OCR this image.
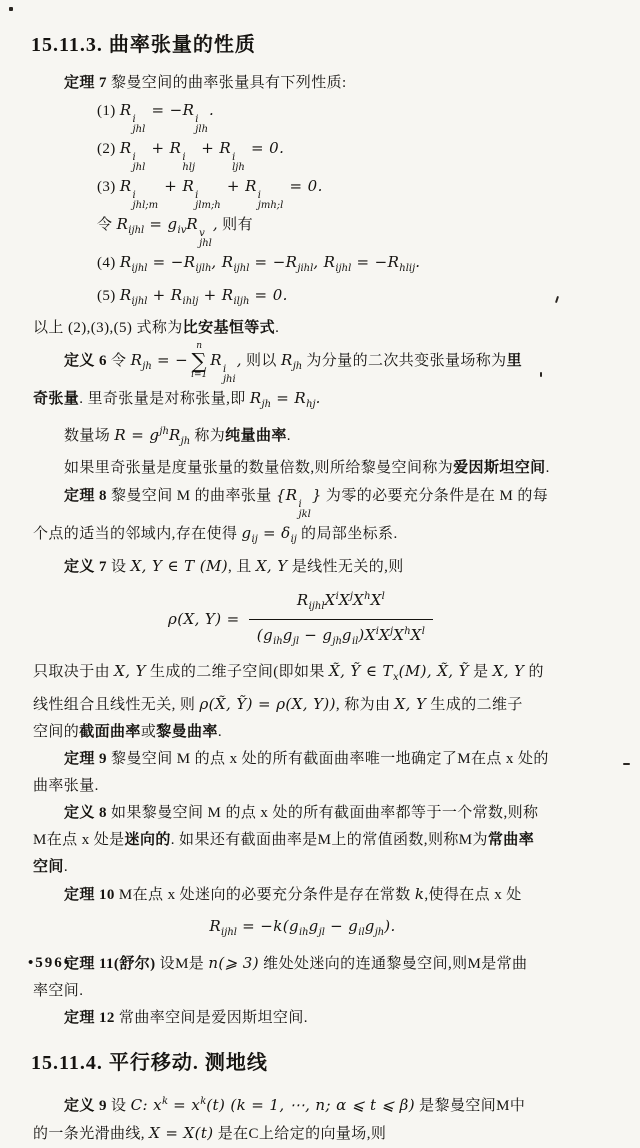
15.11.3. 曲率张量的性质
定理 7 黎曼空间的曲率张量具有下列性质:
(1) R
i
jhl
= −R
i
jlh
.
(2) R
i
jhl
+ R
i
hlj
+ R
i
ljh
= 0.
(3) R
i
jhl;m
+ R
i
jlm;h
+ R
i
jmh;l
= 0.
令 $R_{ijhl} = g_{iv}R$
v
jhl
, 则有
(4) $R_{ijhl} = -R_{ijlh}$, $R_{ijhl} = -R_{jihl}$, $R_{ijhl} = -R_{hlij}$.
(5) $R_{ijhl} + R_{ihlj} + R_{iljh} = 0$.
以上 (2),(3),(5) 式称为比安基恒等式.
定义 6 令 $R_{jh}$ = −
n
∑
i=1
R
i
jhi
, 则以 $R_{jh}$ 为分量的二次共变张量场称为里
奇张量. 里奇张量是对称张量,即 $R_{jh} = R_{hj}$.
数量场 $R = g^{jh}R_{jh}$ 称为纯量曲率.
如果里奇张量是度量张量的数量倍数,则所给黎曼空间称为爱因斯坦空间.
定理 8 黎曼空间 M 的曲率张量 {R
i
jkl
} 为零的必要充分条件是在 M 的每
个点的适当的邻域内,存在使得 $g_{ij} = \delta_{ij}$ 的局部坐标系.
定义 7 设 X, Y ∈ T (M), 且 X, Y 是线性无关的,则
ρ(X, $Y) = \frac{R_{ijhl}X^iX^jX^hX^l}{(g_{ih}g_{jl} - g_{jh}g_{il})X^iX^jX^hX^l}$
只取决于由 X, Y 生成的二维子空间(即如果 X̃, Ỹ ∈ $T_x(M)$, X̃, Ỹ 是 X, Y 的
线性组合且线性无关, 则 ρ(X̃, Ỹ) = ρ(X, Y)), 称为由 X, Y 生成的二维子
空间的截面曲率或黎曼曲率.
定理 9 黎曼空间 M 的点 x 处的所有截面曲率唯一地确定了M在点 x 处的
曲率张量.
定义 8 如果黎曼空间 M 的点 x 处的所有截面曲率都等于一个常数,则称
M在点 x 处是迷向的. 如果还有截面曲率是M上的常值函数,则称M为常曲率
空间.
定理 10 M在点 x 处迷向的必要充分条件是存在常数 k,使得在点 x 处
$R_{ijhl} = -k(g_{ih}g_{jl} - g_{il}g_{jh})$.
定理 11(舒尔) 设M是 n(⩾ 3) 维处处迷向的连通黎曼空间,则M是常曲
率空间.
定理 12 常曲率空间是爱因斯坦空间.
15.11.4. 平行移动. 测地线
定义 9 设 C: $x^k = x^k(t) (k = 1$, ⋯, n; α ⩽ t ⩽ β) 是黎曼空间M中
的一条光滑曲线, X = X(t) 是在C上给定的向量场,则
•596•
